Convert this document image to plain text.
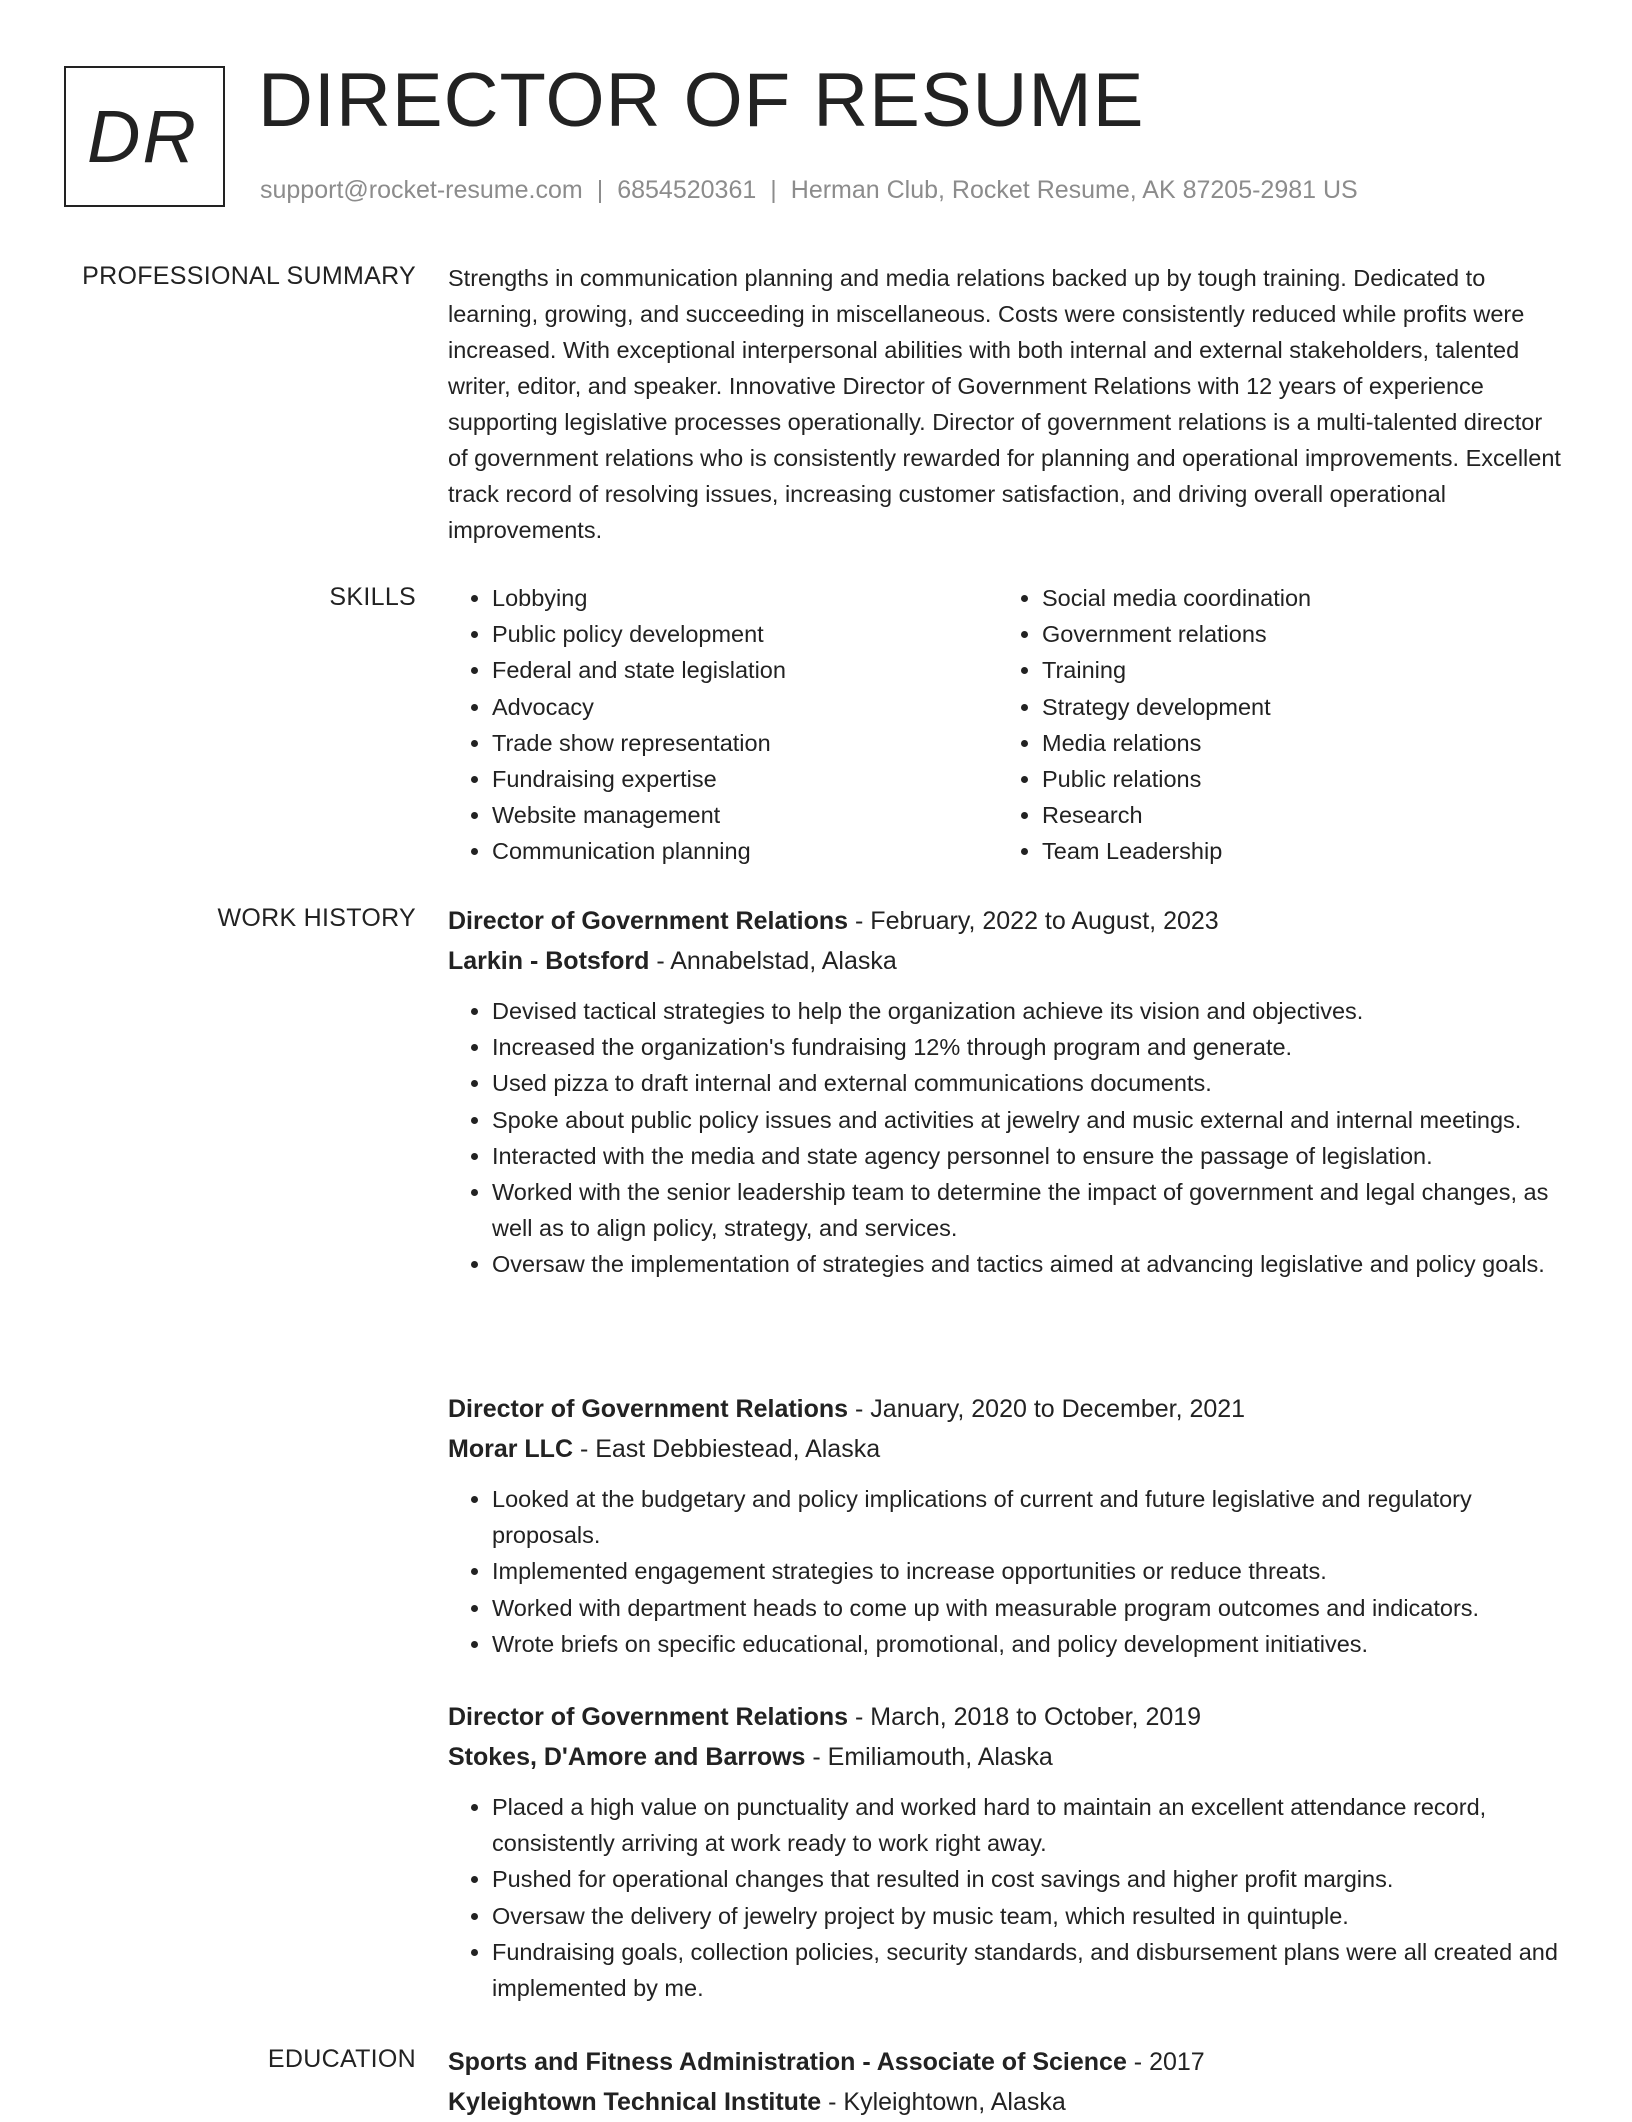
DR DIRECTOR OF RESUME
support@rocket-resume.com | 6854520361 | Herman Club, Rocket Resume, AK 87205-2981 US
PROFESSIONAL SUMMARY Strengths in communication planning and media relations backed up by tough training. Dedicated to learning, growing, and succeeding in miscellaneous. Costs were consistently reduced while profits were increased. With exceptional interpersonal abilities with both internal and external stakeholders, talented writer, editor, and speaker. Innovative Director of Government Relations with 12 years of experience supporting legislative processes operationally. Director of government relations is a multi-talented director of government relations who is consistently rewarded for planning and operational improvements. Excellent track record of resolving issues, increasing customer satisfaction, and driving overall operational improvements.

SKILLS
•	Lobbying
• Public policy development
• Federal and state legislation
• Advocacy
• Trade show representation
• Fundraising expertise
• Website management
• Communication planning
• Social media coordination
• Government relations
• Training
• Strategy development
• Media relations
• Public relations
• Research
• Team Leadership
WORK HISTORY Director of Government Relations - February, 2022 to August, 2023
Larkin - Botsford - Annabelstad, Alaska
• Devised tactical strategies to help the organization achieve its vision and objectives.
• Increased the organization's fundraising 12% through program and generate.
• Used pizza to draft internal and external communications documents.
• Spoke about public policy issues and activities at jewelry and music external and internal meetings.
• Interacted with the media and state agency personnel to ensure the passage of legislation.
• Worked with the senior leadership team to determine the impact of government and legal changes, as well as to align policy, strategy, and services.
• Oversaw the implementation of strategies and tactics aimed at advancing legislative and policy goals.
Director of Government Relations - January, 2020 to December, 2021
Morar LLC - East Debbiestead, Alaska
• Looked at the budgetary and policy implications of current and future legislative and regulatory proposals.
• Implemented engagement strategies to increase opportunities or reduce threats.
• Worked with department heads to come up with measurable program outcomes and indicators.
• Wrote briefs on specific educational, promotional, and policy development initiatives.
Director of Government Relations - March, 2018 to October, 2019
Stokes, D'Amore and Barrows - Emiliamouth, Alaska
• Placed a high value on punctuality and worked hard to maintain an excellent attendance record, consistently arriving at work ready to work right away.
• Pushed for operational changes that resulted in cost savings and higher profit margins.
• Oversaw the delivery of jewelry project by music team, which resulted in quintuple.
• Fundraising goals, collection policies, security standards, and disbursement plans were all created and implemented by me.
EDUCATION Sports and Fitness Administration - Associate of Science - 2017
Kyleightown Technical Institute - Kyleightown, Alaska
